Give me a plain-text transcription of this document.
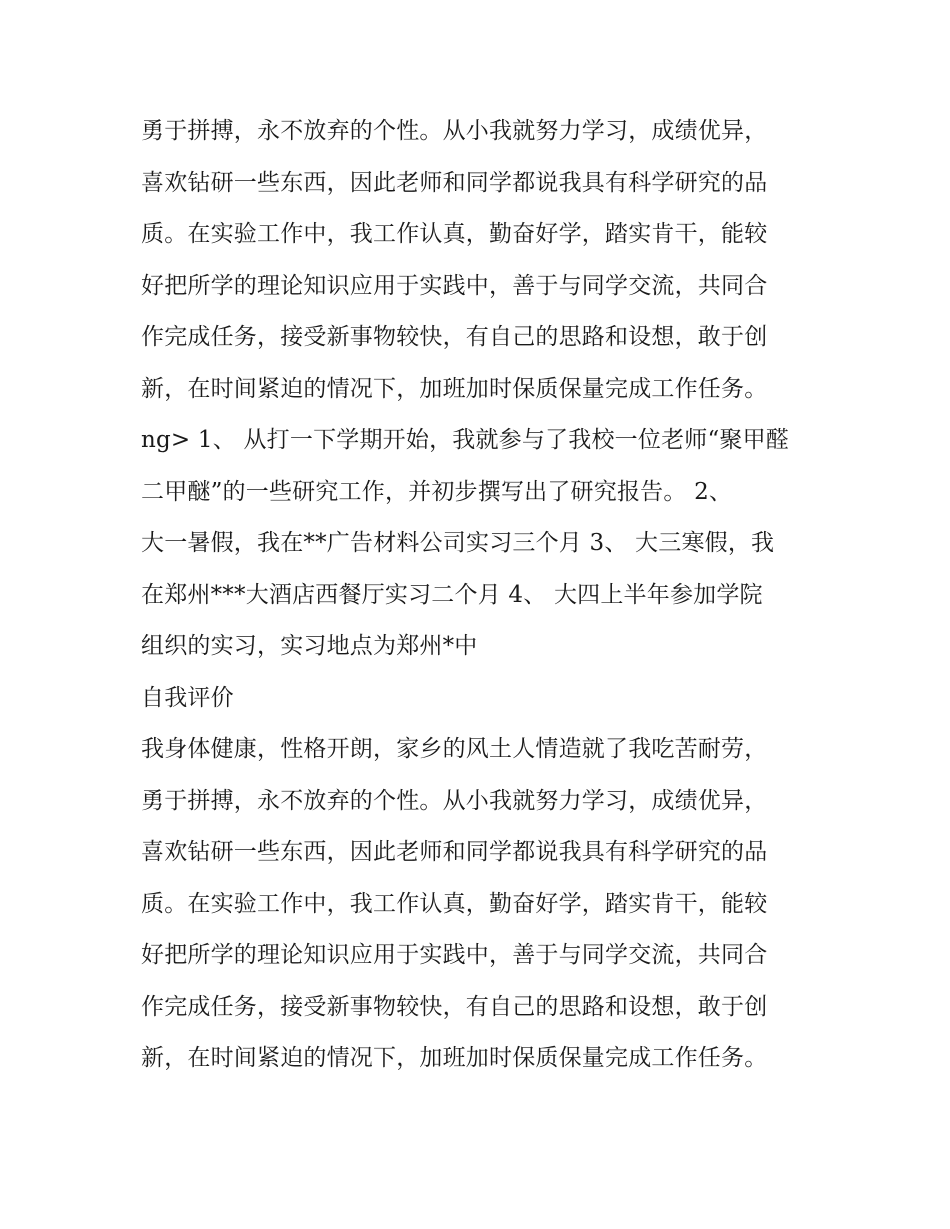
勇于拼搏，永不放弃的个性。从小我就努力学习，成绩优异，
喜欢钻研一些东西，因此老师和同学都说我具有科学研究的品
质。在实验工作中，我工作认真，勤奋好学，踏实肯干，能较
好把所学的理论知识应用于实践中，善于与同学交流，共同合
作完成任务，接受新事物较快，有自己的思路和设想，敢于创
新，在时间紧迫的情况下，加班加时保质保量完成工作任务。
ng> 1、 从打一下学期开始，我就参与了我校一位老师“聚甲醛
二甲醚”的一些研究工作，并初步撰写出了研究报告。 2、
大一暑假，我在**广告材料公司实习三个月 3、 大三寒假，我
在郑州***大酒店西餐厅实习二个月 4、 大四上半年参加学院
组织的实习，实习地点为郑州*中
自我评价
我身体健康，性格开朗，家乡的风土人情造就了我吃苦耐劳，
勇于拼搏，永不放弃的个性。从小我就努力学习，成绩优异，
喜欢钻研一些东西，因此老师和同学都说我具有科学研究的品
质。在实验工作中，我工作认真，勤奋好学，踏实肯干，能较
好把所学的理论知识应用于实践中，善于与同学交流，共同合
作完成任务，接受新事物较快，有自己的思路和设想，敢于创
新，在时间紧迫的情况下，加班加时保质保量完成工作任务。
